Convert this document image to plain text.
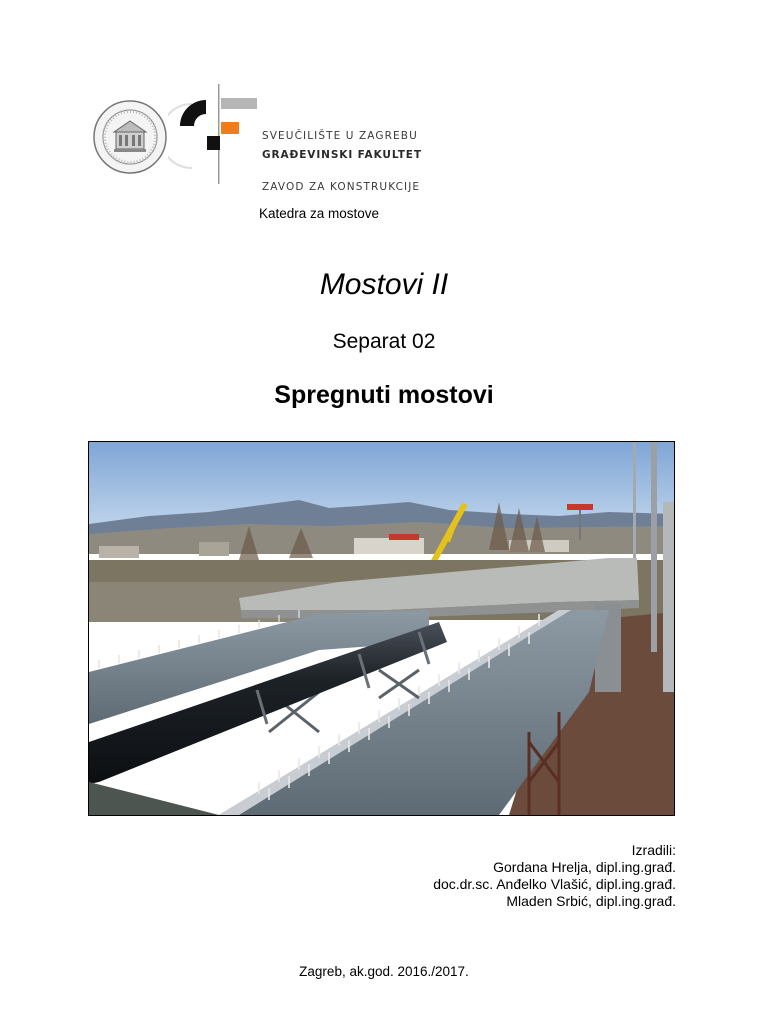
SVEUČILIŠTE U ZAGREBU
GRAĐEVINSKI FAKULTET
ZAVOD ZA KONSTRUKCIJE
Katedra za mostove
Mostovi II
Separat 02
Spregnuti mostovi
Izradili:
Gordana Hrelja, dipl.ing.građ.
doc.dr.sc. Anđelko Vlašić, dipl.ing.građ.
Mladen Srbić, dipl.ing.građ.
Zagreb, ak.god. 2016./2017.
